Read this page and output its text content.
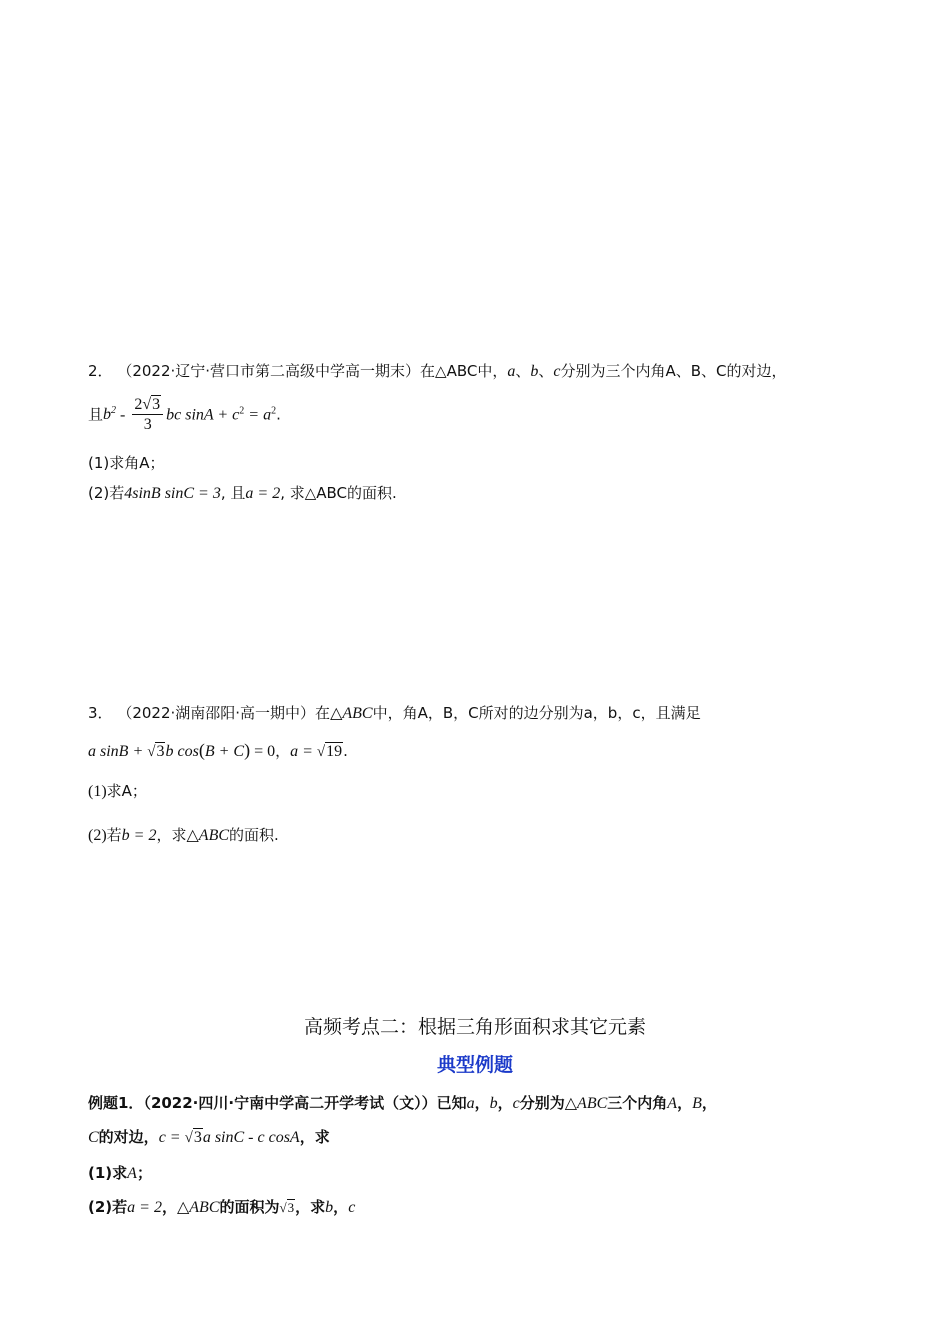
2． （2022·辽宁·营口市第二高级中学高一期末）在△ABC中，a、b、c分别为三个内角A、B、C的对边，
且$b^2 - \frac{2√3}{3}$ bc $\sin A + c^2 = a^2$.
(1)求角A；
(2)若4sinB sinC = 3, 且a = 2, 求△ABC的面积.
3． （2022·湖南邵阳·高一期中）在△ABC中，角A，B，C所对的边分别为a，b，c，且满足
a sinB + √3b cos(B + C) = 0，a = √19.
(1)求A；
(2)若b = 2，求△ABC的面积.
高频考点二：根据三角形面积求其它元素
典型例题
例题1．（2022·四川·宁南中学高二开学考试（文））已知a，b，c分别为△ABC三个内角A，B，
C的对边，c = √3a sinC - c cosA，求
(1)求A；
(2)若a = 2，△ABC的面积为√3，求b，c
